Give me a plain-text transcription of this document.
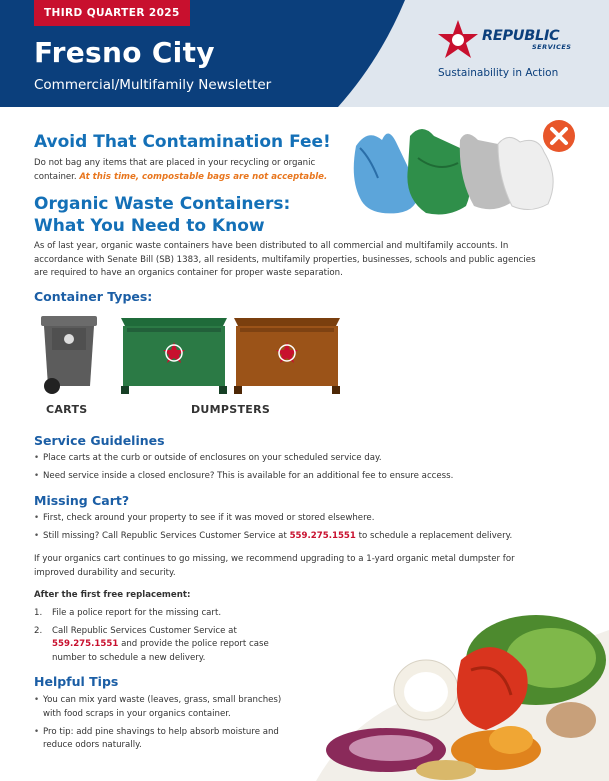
THIRD QUARTER 2025
Fresno City
Commercial/Multifamily Newsletter
REPUBLIC
SERVICES
Sustainability in Action
Avoid That Contamination Fee!

Do not bag any items that are placed in your recycling or organic container. At this time, compostable bags are not acceptable.

Organic Waste Containers:
What You Need to Know

As of last year, organic waste containers have been distributed to all commercial and multifamily accounts. In accordance with Senate Bill (SB) 1383, all residents, multifamily properties, businesses, schools and public agencies are required to have an organics container for proper waste separation.

Container Types:
CARTS	DUMPSTERS
Service Guidelines
• Place carts at the curb or outside of enclosures on your scheduled service day.
• Need service inside a closed enclosure? This is available for an additional fee to ensure access.
Missing Cart?
• First, check around your property to see if it was moved or stored elsewhere.
• Still missing? Call Republic Services Customer Service at 559.275.1551 to schedule a replacement delivery.

If your organics cart continues to go missing, we recommend upgrading to a 1-yard organic metal dumpster for improved durability and security.

After the first free replacement:

1. File a police report for the missing cart.
2. Call Republic Services Customer Service at 559.275.1551 and provide the police report case number to schedule a new delivery.
Helpful Tips
• You can mix yard waste (leaves, grass, small branches) with food scraps in your organics container.
• Pro tip: add pine shavings to help absorb moisture and reduce odors naturally.
